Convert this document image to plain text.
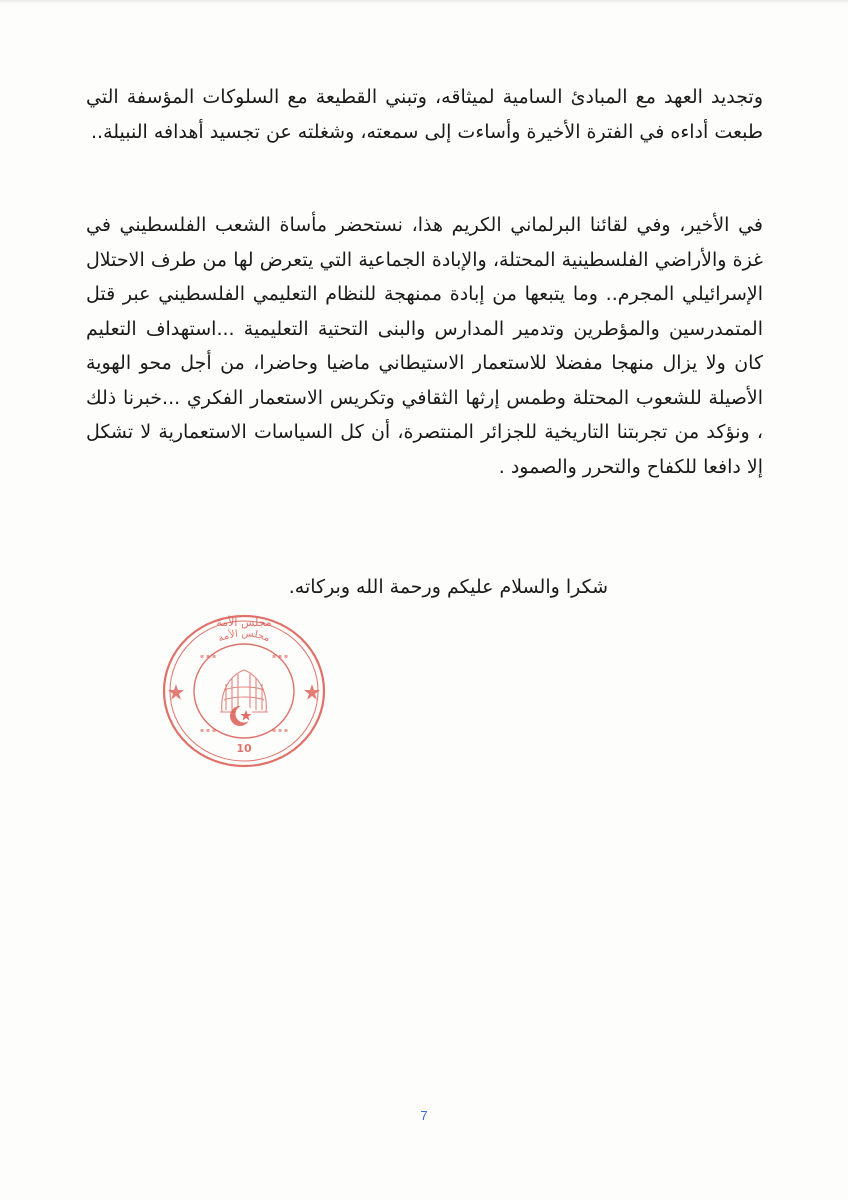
وتجديد العهد مع المبادئ السامية لميثاقه، وتبني القطيعة مع السلوكات المؤسفة التي طبعت أداءه في الفترة الأخيرة وأساءت إلى سمعته، وشغلته عن تجسيد أهدافه النبيلة..

في الأخير، وفي لقائنا البرلماني الكريم هذا، نستحضر مأساة الشعب الفلسطيني في غزة والأراضي الفلسطينية المحتلة، والإبادة الجماعية التي يتعرض لها من طرف الاحتلال الإسرائيلي المجرم.. وما يتبعها من إبادة ممنهجة للنظام التعليمي الفلسطيني عبر قتل المتمدرسين والمؤطرين وتدمير المدارس والبنى التحتية التعليمية ...استهداف التعليم كان ولا يزال منهجا مفضلا للاستعمار الاستيطاني ماضيا وحاضرا، من أجل محو الهوية الأصيلة للشعوب المحتلة وطمس إرثها الثقافي وتكريس الاستعمار الفكري ...خبرنا ذلك ، ونؤكد من تجربتنا التاريخية للجزائر المنتصرة، أن كل السياسات الاستعمارية لا تشكل إلا دافعا للكفاح والتحرر والصمود .

شكرا والسلام عليكم ورحمة الله وبركاته.
مجلس الأمة
مجلس الأمة
10
▪ ▪ ▪	▪ ▪ ▪
▪ ▪ ▪	▪ ▪ ▪
7
